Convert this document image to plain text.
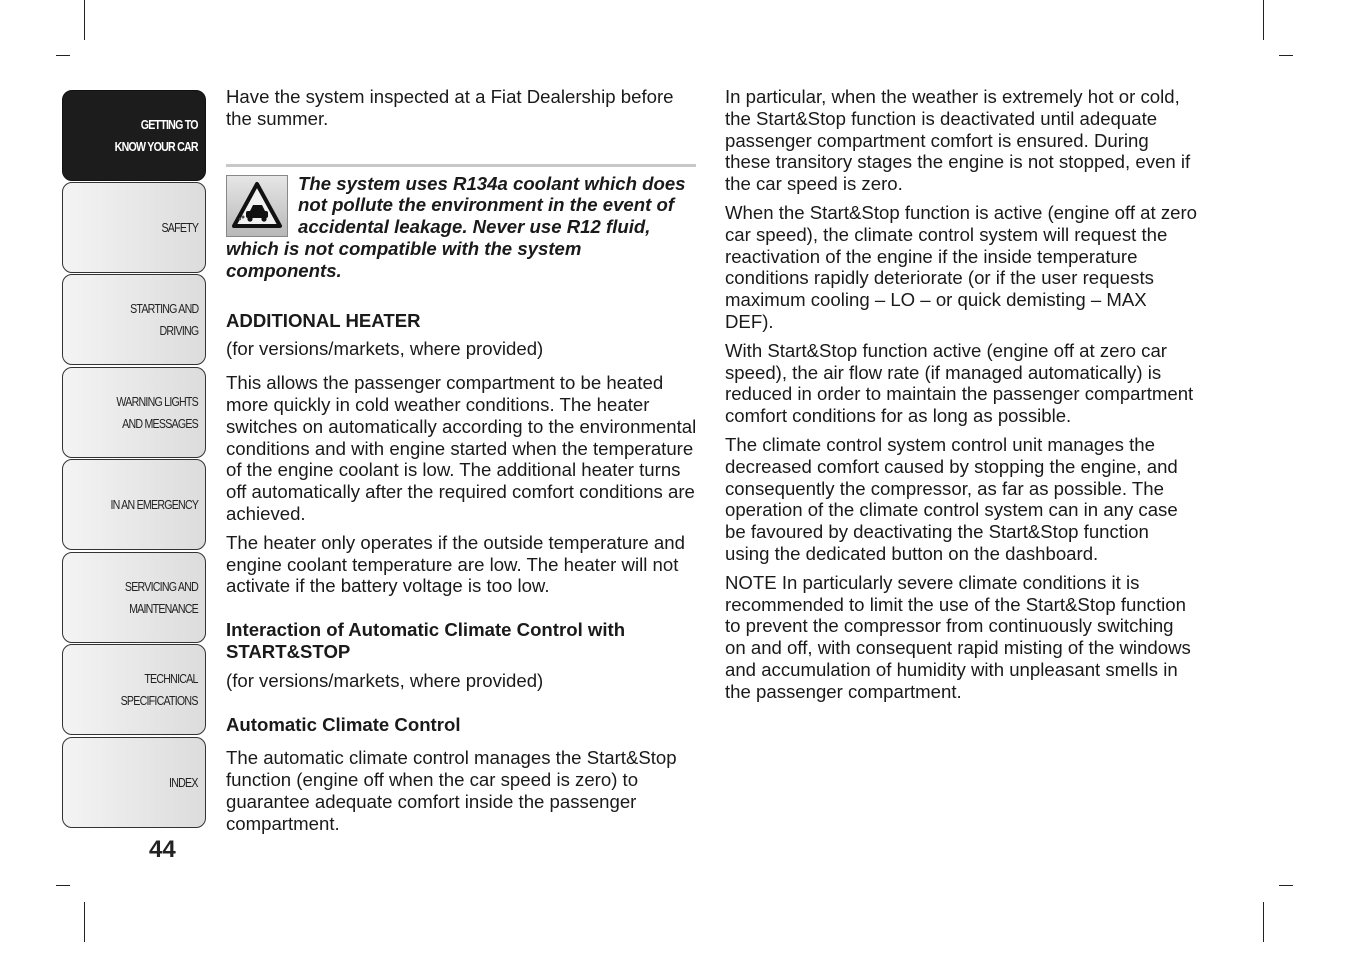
GETTING TO
KNOW YOUR CAR
SAFETY
STARTING AND
DRIVING
WARNING LIGHTS
AND MESSAGES
IN AN EMERGENCY
SERVICING AND
MAINTENANCE
TECHNICAL
SPECIFICATIONS
INDEX
44

Have the system inspected at a Fiat Dealership before the summer.

The system uses R134a coolant which does not pollute the environment in the event of accidental leakage. Never use R12 fluid, which is not compatible with the system components.

ADDITIONAL HEATER

(for versions/markets, where provided)

This allows the passenger compartment to be heated more quickly in cold weather conditions. The heater switches on automatically according to the environmental conditions and with engine started when the temperature of the engine coolant is low. The additional heater turns off automatically after the required comfort conditions are achieved.

The heater only operates if the outside temperature and engine coolant temperature are low. The heater will not activate if the battery voltage is too low.

Interaction of Automatic Climate Control with START&STOP

(for versions/markets, where provided)

Automatic Climate Control

The automatic climate control manages the Start&Stop function (engine off when the car speed is zero) to guarantee adequate comfort inside the passenger compartment.

In particular, when the weather is extremely hot or cold, the Start&Stop function is deactivated until adequate passenger compartment comfort is ensured. During these transitory stages the engine is not stopped, even if the car speed is zero.

When the Start&Stop function is active (engine off at zero car speed), the climate control system will request the reactivation of the engine if the inside temperature conditions rapidly deteriorate (or if the user requests maximum cooling – LO – or quick demisting – MAX DEF).

With Start&Stop function active (engine off at zero car speed), the air flow rate (if managed automatically) is reduced in order to maintain the passenger compartment comfort conditions for as long as possible.

The climate control system control unit manages the decreased comfort caused by stopping the engine, and consequently the compressor, as far as possible. The operation of the climate control system can in any case be favoured by deactivating the Start&Stop function using the dedicated button on the dashboard.

NOTE In particularly severe climate conditions it is recommended to limit the use of the Start&Stop function to prevent the compressor from continuously switching on and off, with consequent rapid misting of the windows and accumulation of humidity with unpleasant smells in the passenger compartment.
